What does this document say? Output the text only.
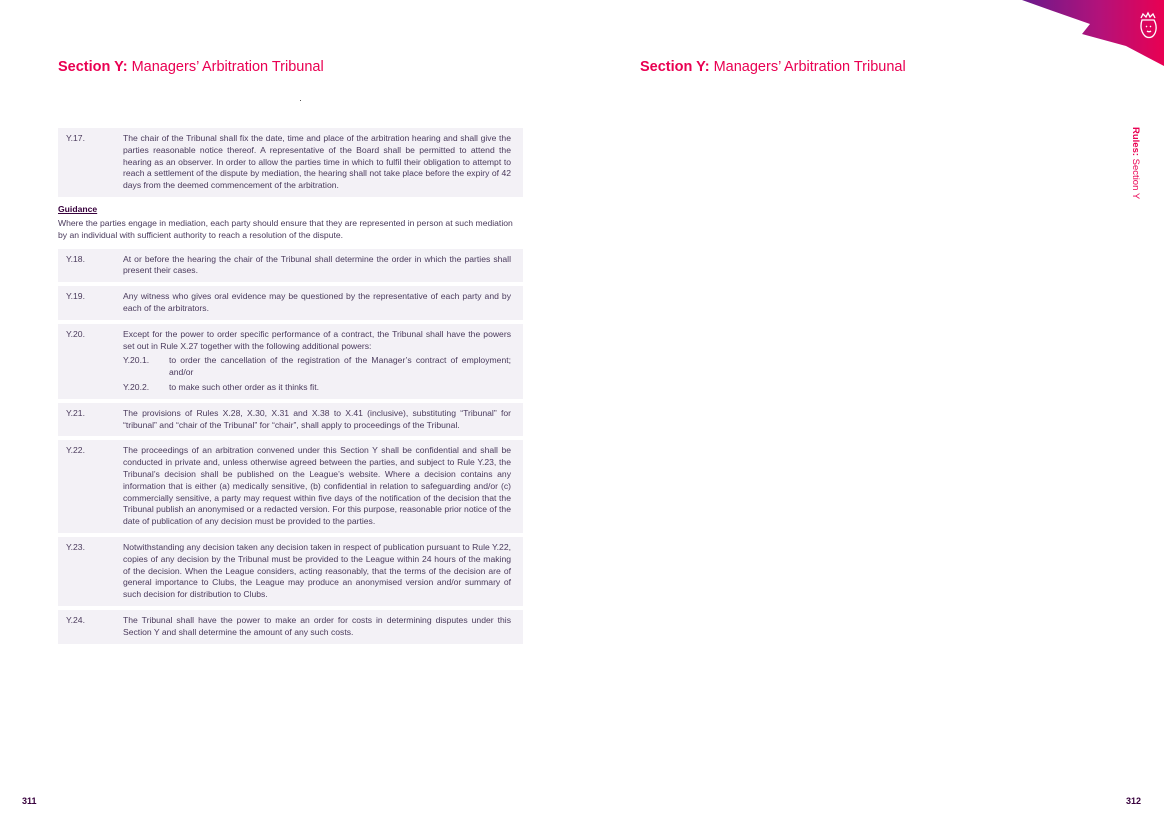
Section Y: Managers’ Arbitration Tribunal	Section Y: Managers’ Arbitration Tribunal
Y.17.	The chair of the Tribunal shall fix the date, time and place of the arbitration hearing and shall give the parties reasonable notice thereof. A representative of the Board shall be permitted to attend the hearing as an observer. In order to allow the parties time in which to fulfil their obligation to attempt to reach a settlement of the dispute by mediation, the hearing shall not take place before the expiry of 42 days from the deemed commencement of the arbitration.
Guidance
Where the parties engage in mediation, each party should ensure that they are represented in person at such mediation by an individual with sufficient authority to reach a resolution of the dispute.
Y.18.	At or before the hearing the chair of the Tribunal shall determine the order in which the parties shall present their cases.
Y.19.	Any witness who gives oral evidence may be questioned by the representative of each party and by each of the arbitrators.
Y.20.	Except for the power to order specific performance of a contract, the Tribunal shall have the powers set out in Rule X.27 together with the following additional powers:
Y.20.1.	to order the cancellation of the registration of the Manager’s contract of employment; and/or
Y.20.2.	to make such other order as it thinks fit.
Y.21.	The provisions of Rules X.28, X.30, X.31 and X.38 to X.41 (inclusive), substituting “Tribunal” for “tribunal” and “chair of the Tribunal” for “chair”, shall apply to proceedings of the Tribunal.
Y.22.	The proceedings of an arbitration convened under this Section Y shall be confidential and shall be conducted in private and, unless otherwise agreed between the parties, and subject to Rule Y.23, the Tribunal’s decision shall be published on the League’s website. Where a decision contains any information that is either (a) medically sensitive, (b) confidential in relation to safeguarding and/or (c) commercially sensitive, a party may request within five days of the notification of the decision that the Tribunal publish an anonymised or a redacted version. For this purpose, reasonable prior notice of the date of publication of any decision must be provided to the parties.
Y.23.	Notwithstanding any decision taken any decision taken in respect of publication pursuant to Rule Y.22, copies of any decision by the Tribunal must be provided to the League within 24 hours of the making of the decision. When the League considers, acting reasonably, that the terms of the decision are of general importance to Clubs, the League may produce an anonymised version and/or summary of such decision for distribution to Clubs.
Y.24.	The Tribunal shall have the power to make an order for costs in determining disputes under this Section Y and shall determine the amount of any such costs.
311	312
Rules: Section Y
